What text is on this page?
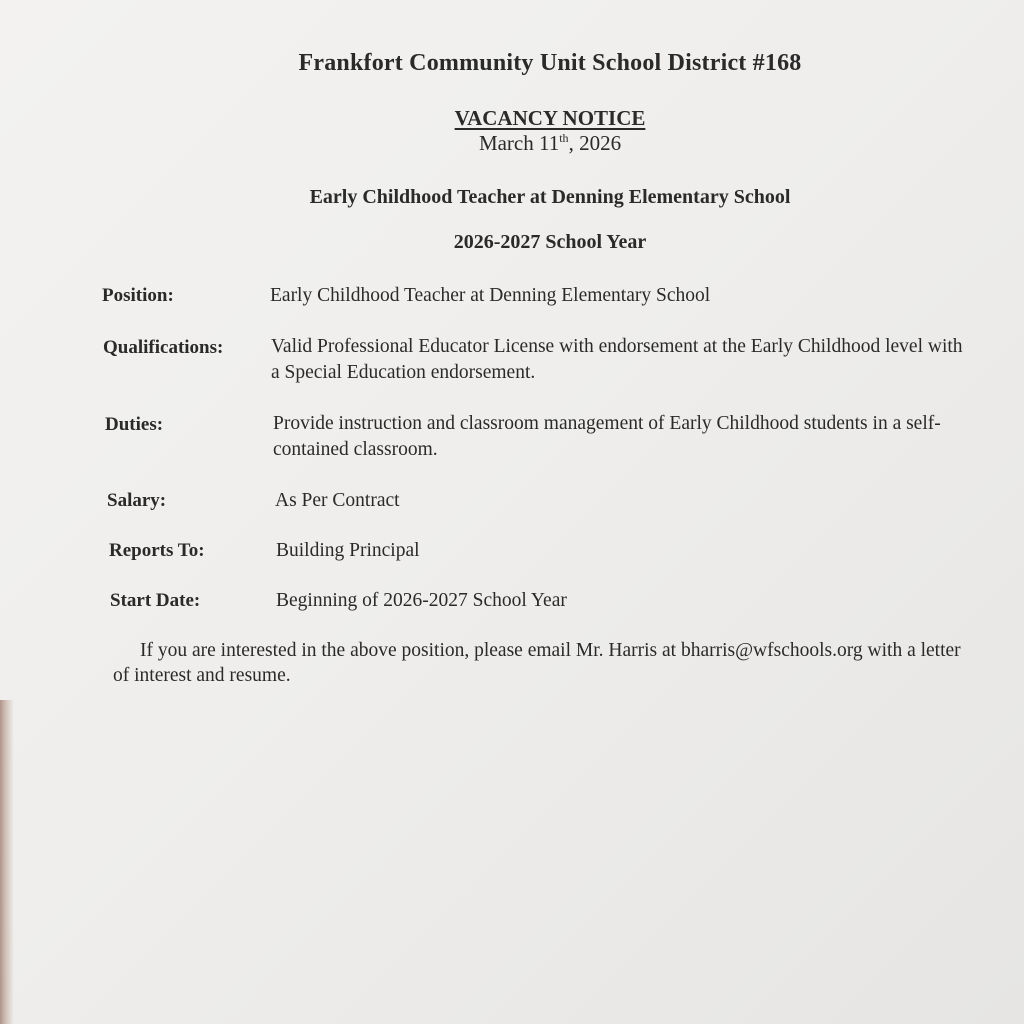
Frankfort Community Unit School District #168
VACANCY NOTICE
March 11th, 2026
Early Childhood Teacher at Denning Elementary School
2026-2027 School Year
Position:	Early Childhood Teacher at Denning Elementary School
Qualifications: Valid Professional Educator License with endorsement at the Early Childhood level with a Special Education endorsement.
Duties:	Provide instruction and classroom management of Early Childhood students in a self-contained classroom.
Salary:	As Per Contract
Reports To:	Building Principal
Start Date:	Beginning of 2026-2027 School Year
If you are interested in the above position, please email Mr. Harris at bharris@wfschools.org with a letter of interest and resume.
